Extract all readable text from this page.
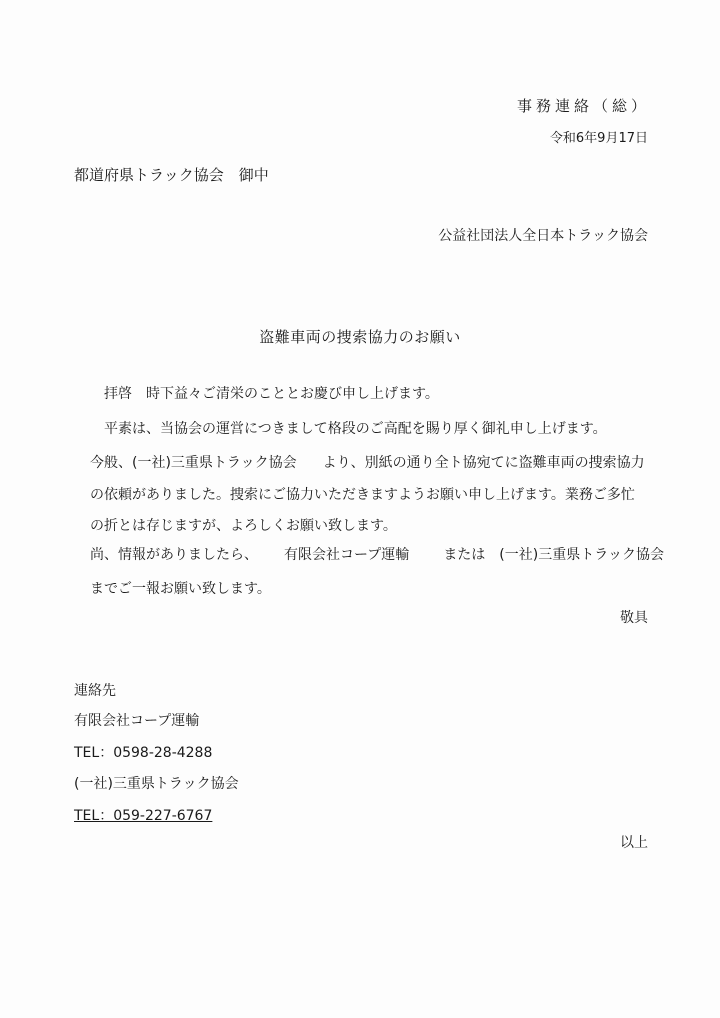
事務連絡（総）
令和6年9月17日
都道府県トラック協会　御中
公益社団法人全日本トラック協会
盗難車両の捜索協力のお願い
拝啓　時下益々ご清栄のこととお慶び申し上げます。
平素は、当協会の運営につきまして格段のご高配を賜り厚く御礼申し上げます。
今般、(一社)三重県トラック協会 より、別紙の通り全ト協宛てに盗難車両の捜索協力
の依頼がありました。捜索にご協力いただきますようお願い申し上げます。業務ご多忙
の折とは存じますが、よろしくお願い致します。
尚、情報がありましたら、 有限会社コープ運輸 または　(一社)三重県トラック協会
までご一報お願い致します。
敬具
連絡先
有限会社コープ運輸
TEL：0598-28-4288
(一社)三重県トラック協会
TEL：059-227-6767
以上
